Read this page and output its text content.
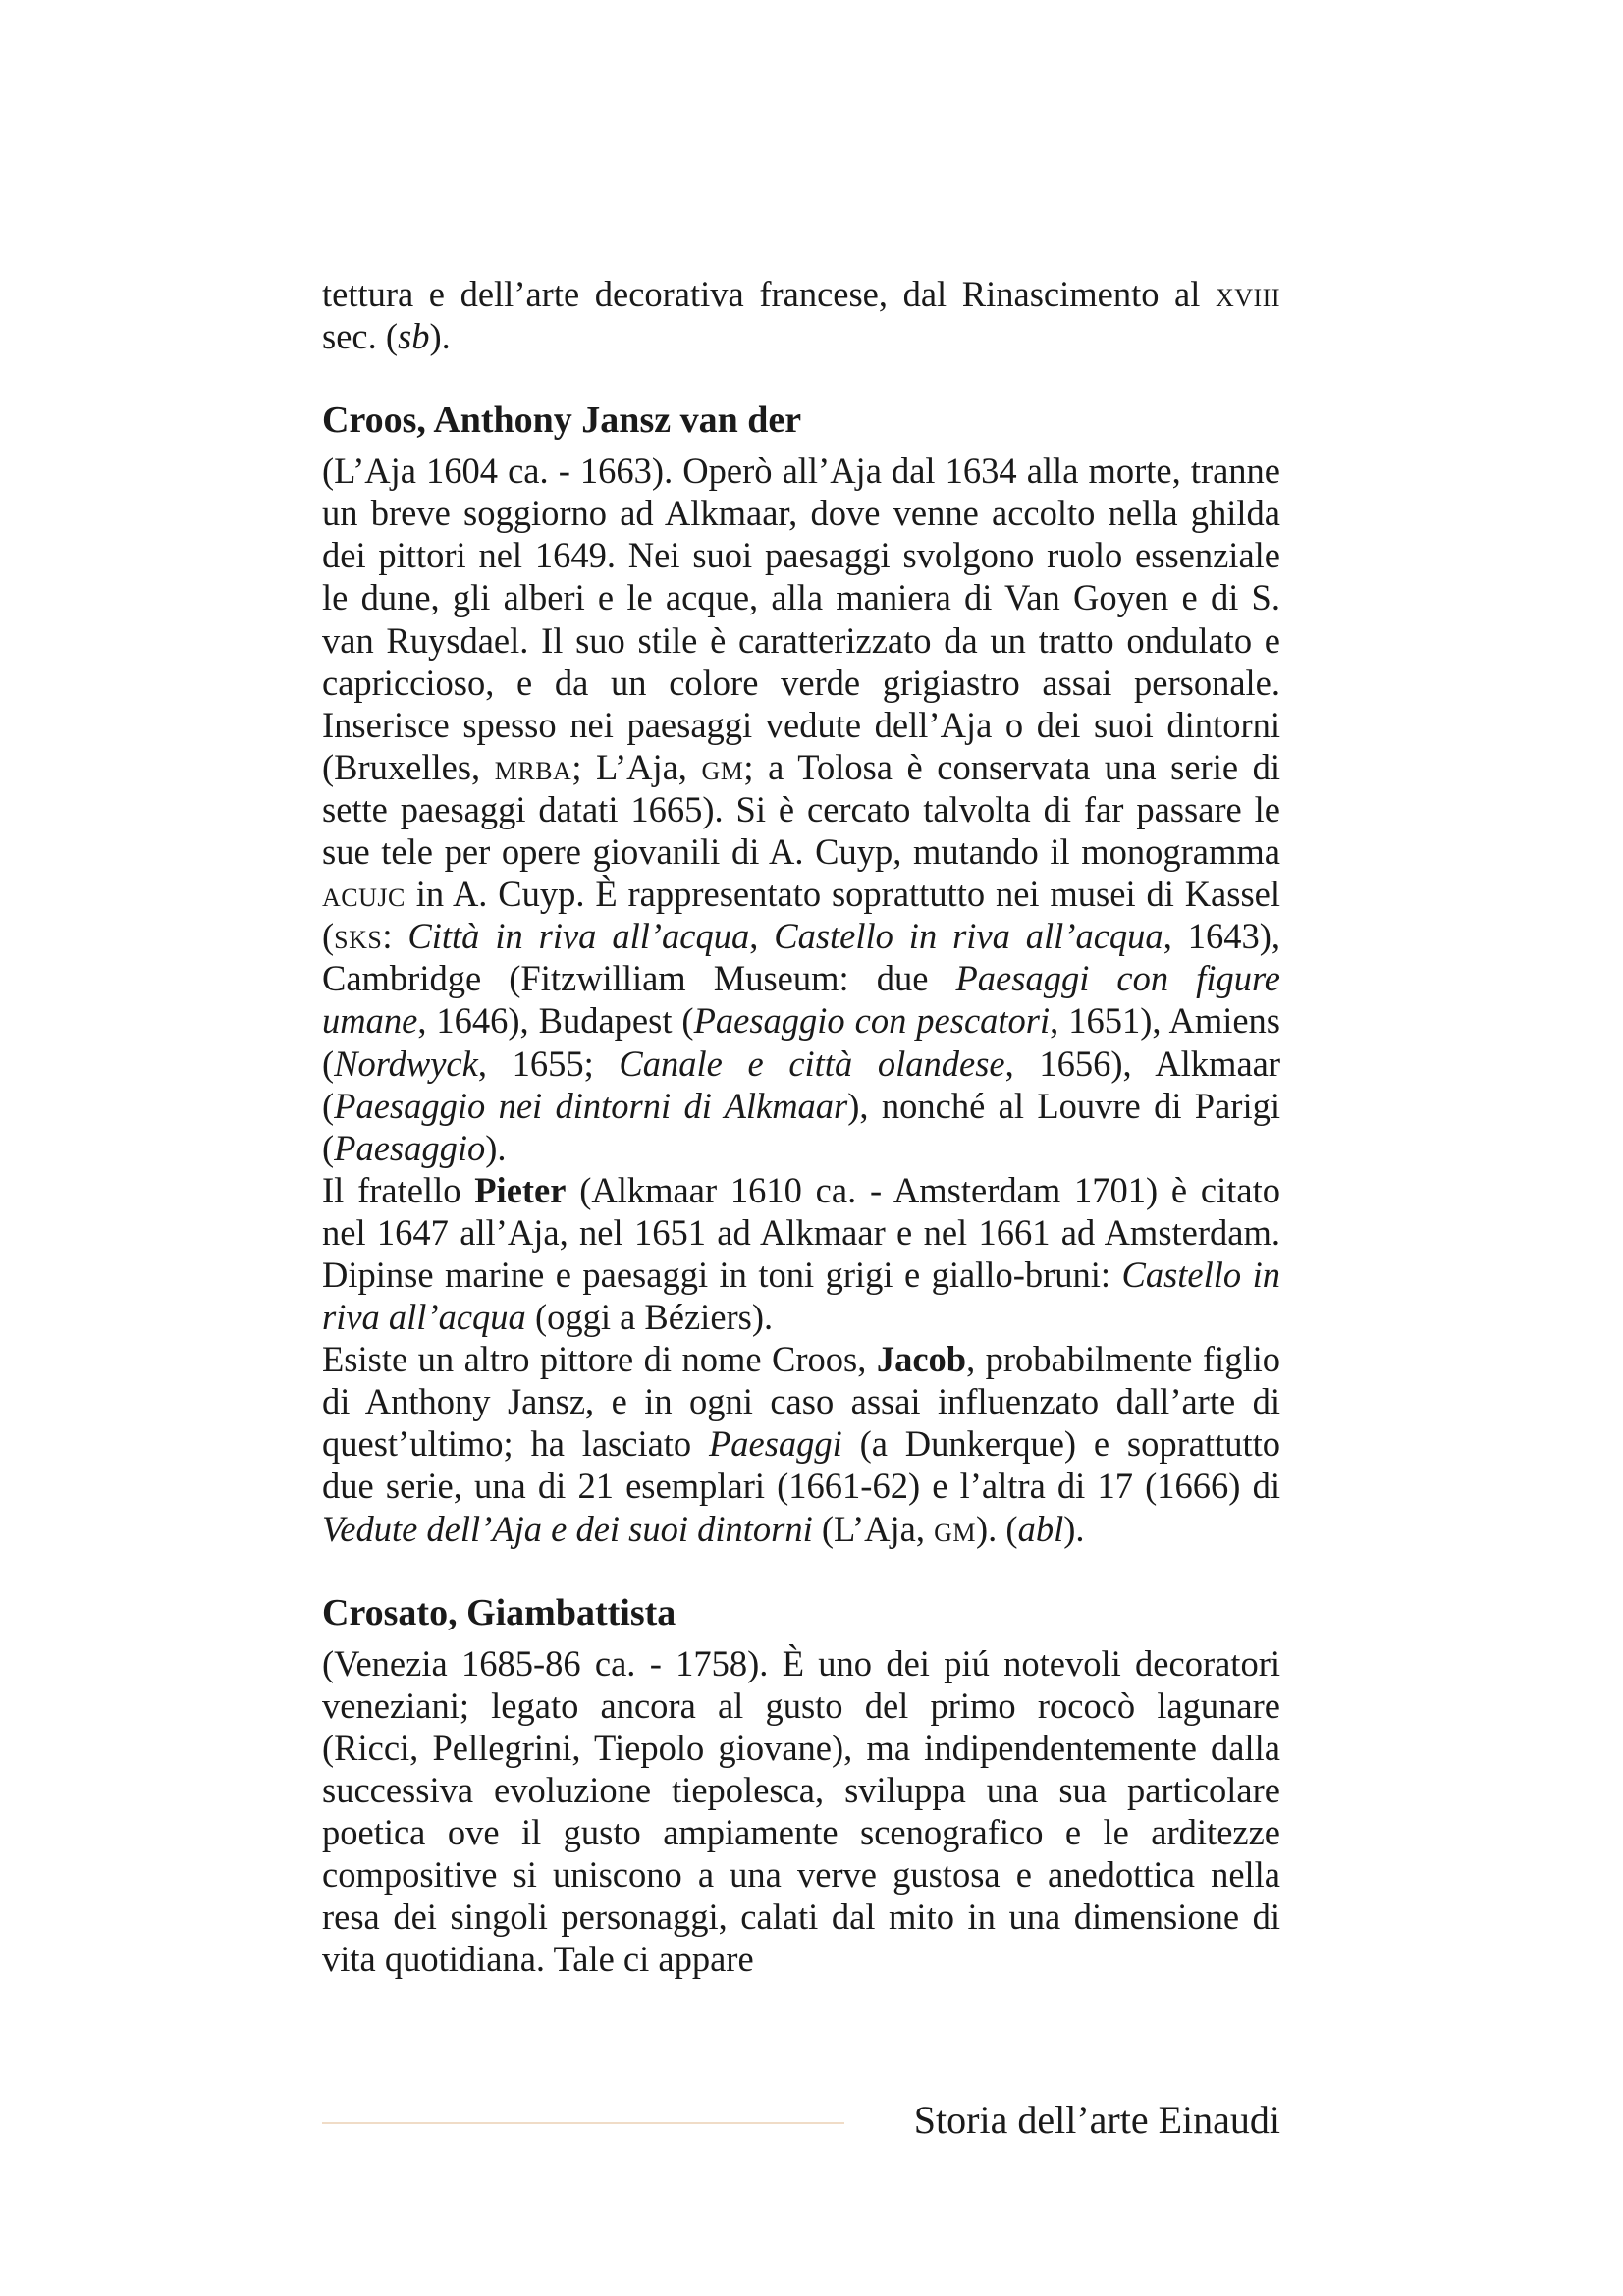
tettura e dell’arte decorativa francese, dal Rinascimento al xviii sec. (sb).

Croos, Anthony Jansz van der

(L’Aja 1604 ca. - 1663). Operò all’Aja dal 1634 alla morte, tranne un breve soggiorno ad Alkmaar, dove venne accolto nella ghilda dei pittori nel 1649. Nei suoi paesaggi svolgono ruolo essenziale le dune, gli alberi e le acque, alla maniera di Van Goyen e di S. van Ruysdael. Il suo stile è caratterizzato da un tratto ondulato e capriccioso, e da un colore verde grigiastro assai personale. Inserisce spesso nei paesaggi vedute dell’Aja o dei suoi dintorni (Bruxelles, mrba; L’Aja, gm; a Tolosa è conservata una serie di sette paesaggi datati 1665). Si è cercato talvolta di far passare le sue tele per opere giovanili di A. Cuyp, mutando il monogramma acujc in A. Cuyp. È rappresentato soprattutto nei musei di Kassel (sks: Città in riva all’acqua, Castello in riva all’acqua, 1643), Cambridge (Fitzwilliam Museum: due Paesaggi con figure umane, 1646), Budapest (Paesaggio con pescatori, 1651), Amiens (Nordwyck, 1655; Canale e città olandese, 1656), Alkmaar (Paesaggio nei dintorni di Alkmaar), nonché al Louvre di Parigi (Paesaggio).

Il fratello Pieter (Alkmaar 1610 ca. - Amsterdam 1701) è citato nel 1647 all’Aja, nel 1651 ad Alkmaar e nel 1661 ad Amsterdam. Dipinse marine e paesaggi in toni grigi e giallo-bruni: Castello in riva all’acqua (oggi a Béziers).

Esiste un altro pittore di nome Croos, Jacob, probabilmente figlio di Anthony Jansz, e in ogni caso assai influenzato dall’arte di quest’ultimo; ha lasciato Paesaggi (a Dunkerque) e soprattutto due serie, una di 21 esemplari (1661-62) e l’altra di 17 (1666) di Vedute dell’Aja e dei suoi dintorni (L’Aja, gm). (abl).

Crosato, Giambattista

(Venezia 1685-86 ca. - 1758). È uno dei piú notevoli decoratori veneziani; legato ancora al gusto del primo rococò lagunare (Ricci, Pellegrini, Tiepolo giovane), ma indipendentemente dalla successiva evoluzione tiepolesca, sviluppa una sua particolare poetica ove il gusto ampiamente scenografico e le arditezze compositive si uniscono a una verve gustosa e anedottica nella resa dei singoli personaggi, calati dal mito in una dimensione di vita quotidiana. Tale ci appare

Storia dell’arte Einaudi
